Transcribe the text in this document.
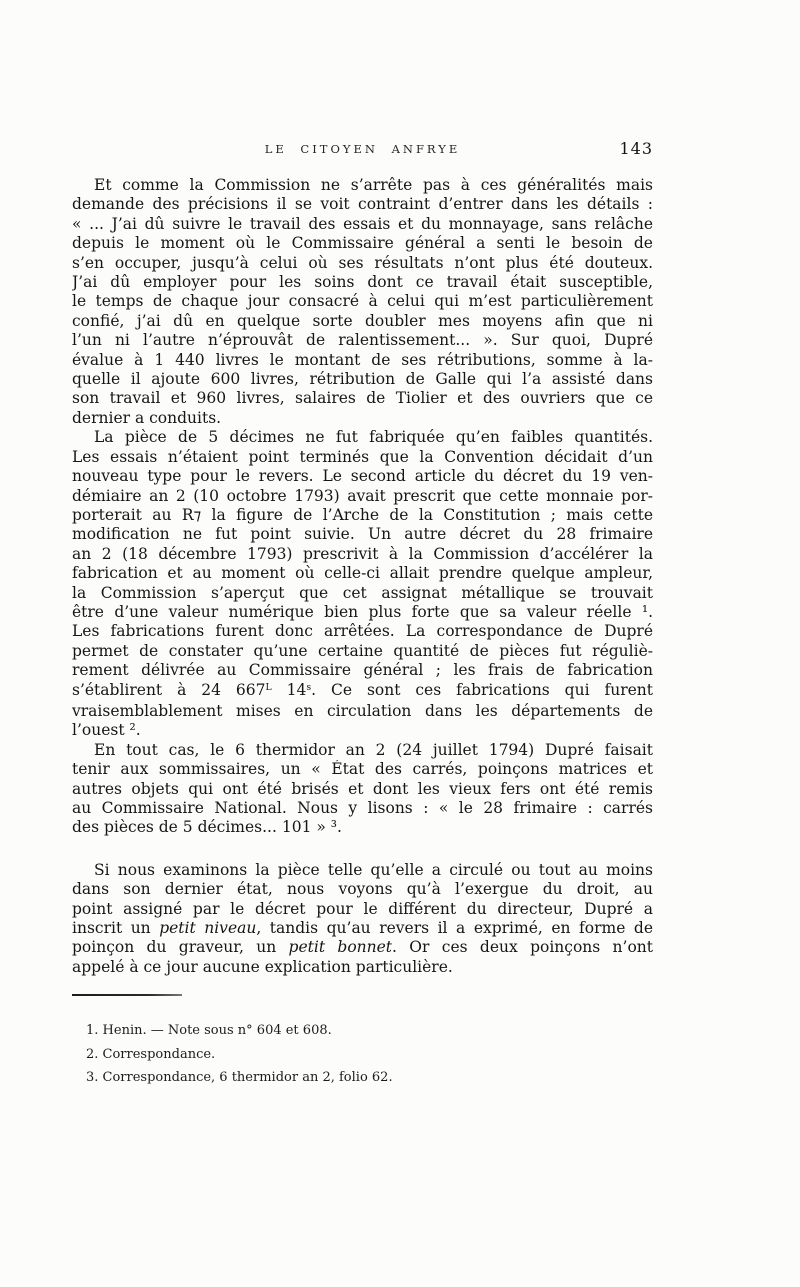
LE CITOYEN ANFRYE	143
Et comme la Commission ne s’arrête pas à ces généralités mais
demande des précisions il se voit contraint d’entrer dans les détails :
« ... J’ai dû suivre le travail des essais et du monnayage, sans relâche
depuis le moment où le Commissaire général a senti le besoin de
s’en occuper, jusqu’à celui où ses résultats n’ont plus été douteux.
J’ai dû employer pour les soins dont ce travail était susceptible,
le temps de chaque jour consacré à celui qui m’est particulièrement
confié, j’ai dû en quelque sorte doubler mes moyens afin que ni
l’un ni l’autre n’éprouvât de ralentissement... ». Sur quoi, Dupré
évalue à 1 440 livres le montant de ses rétributions, somme à la-
quelle il ajoute 600 livres, rétribution de Galle qui l’a assisté dans
son travail et 960 livres, salaires de Tiolier et des ouvriers que ce
dernier a conduits.
La pièce de 5 décimes ne fut fabriquée qu’en faibles quantités.
Les essais n’étaient point terminés que la Convention décidait d’un
nouveau type pour le revers. Le second article du décret du 19 ven-
démiaire an 2 (10 octobre 1793) avait prescrit que cette monnaie por-
porterait au R⁊ la figure de l’Arche de la Constitution ; mais cette
modification ne fut point suivie. Un autre décret du 28 frimaire
an 2 (18 décembre 1793) prescrivit à la Commission d’accélérer la
fabrication et au moment où celle-ci allait prendre quelque ampleur,
la Commission s’aperçut que cet assignat métallique se trouvait
être d’une valeur numérique bien plus forte que sa valeur réelle ¹.
Les fabrications furent donc arrêtées. La correspondance de Dupré
permet de constater qu’une certaine quantité de pièces fut réguliè-
rement délivrée au Commissaire général ; les frais de fabrication
s’établirent à 24 $667^L$ 14$^s$. Ce sont ces fabrications qui furent
vraisemblablement mises en circulation dans les départements de
l’ouest ².
En tout cas, le 6 thermidor an 2 (24 juillet 1794) Dupré faisait
tenir aux sommissaires, un « État des carrés, poinçons matrices et
autres objets qui ont été brisés et dont les vieux fers ont été remis
au Commissaire National. Nous y lisons : « le 28 frimaire : carrés
des pièces de 5 décimes... 101 » ³.
Si nous examinons la pièce telle qu’elle a circulé ou tout au moins
dans son dernier état, nous voyons qu’à l’exergue du droit, au
point assigné par le décret pour le différent du directeur, Dupré a
inscrit un petit niveau, tandis qu’au revers il a exprimé, en forme de
poinçon du graveur, un petit bonnet. Or ces deux poinçons n’ont
appelé à ce jour aucune explication particulière.
1. Henin. — Note sous n° 604 et 608.
2. Correspondance.
3. Correspondance, 6 thermidor an 2, folio 62.
